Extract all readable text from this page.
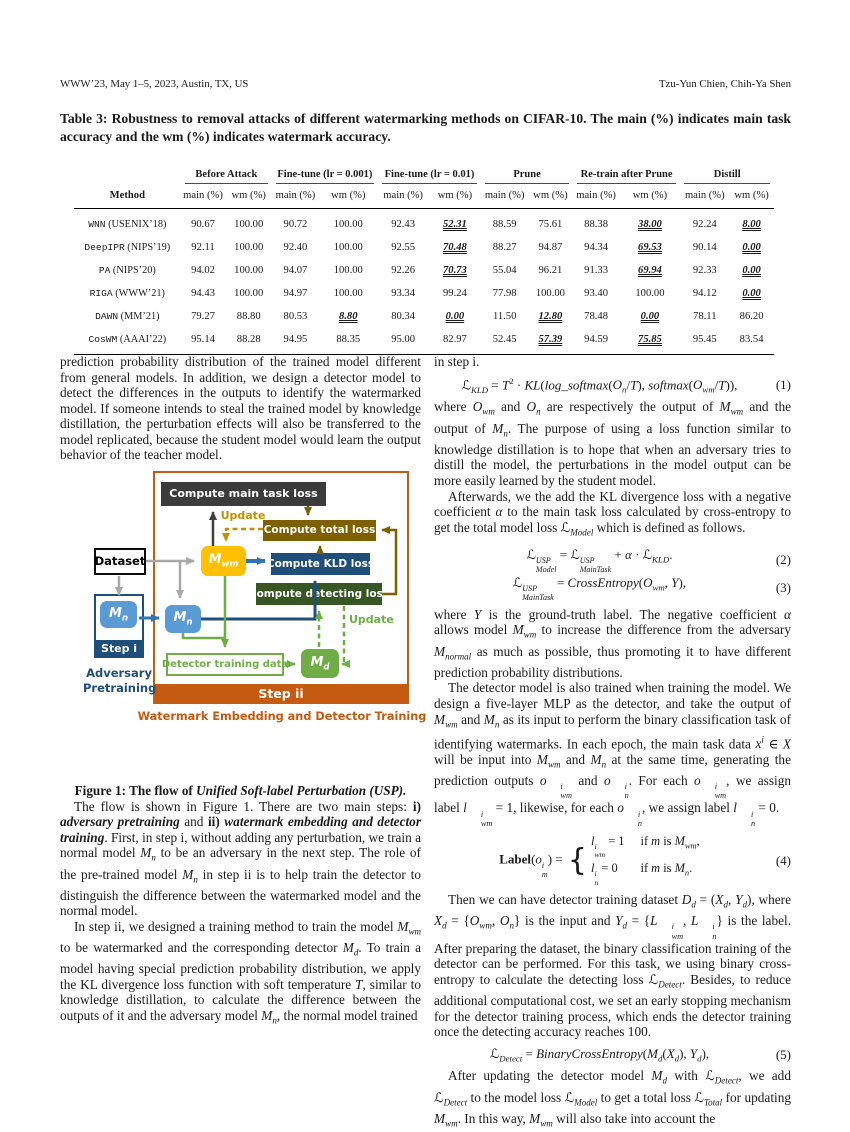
WWW’23, May 1–5, 2023, Austin, TX, US	Tzu-Yun Chien, Chih-Ya Shen
Table 3: Robustness to removal attacks of different watermarking methods on CIFAR-10. The main (%) indicates main task accuracy and the wm (%) indicates watermark accuracy.

	Before Attack		Fine-tune (lr = 0.001)		Fine-tune (lr = 0.01)		Prune		Re-train after Prune		Distill	

Method	main (%)	wm (%)	main (%)	wm (%)	main (%)	wm (%)	main (%)	wm (%)	main (%)	wm (%)	main (%)	wm (%)
WNN (USENIX’18)	90.67	100.00	90.72	100.00	92.43	52.31	88.59	75.61	88.38	38.00	92.24	8.00
DeepIPR (NIPS’19)	92.11	100.00	92.40	100.00	92.55	70.48	88.27	94.87	94.34	69.53	90.14	0.00
PA (NIPS’20)	94.02	100.00	94.07	100.00	92.26	70.73	55.04	96.21	91.33	69.94	92.33	0.00
RIGA (WWW’21)	94.43	100.00	94.97	100.00	93.34	99.24	77.98	100.00	93.40	100.00	94.12	0.00
DAWN (MM’21)	79.27	88.80	80.53	8.80	80.34	0.00	11.50	12.80	78.48	0.00	78.11	86.20
CosWM (AAAI’22)	95.14	88.28	94.95	88.35	95.00	82.97	52.45	57.39	94.59	75.85	95.45	83.54

prediction probability distribution of the trained model different from general models. In addition, we design a detector model to detect the differences in the outputs to identify the watermarked model. If someone intends to steal the trained model by knowledge distillation, the perturbation effects will also be transferred to the model replicated, because the student model would learn the output behavior of the teacher model.

Step ii
Compute main task loss
Compute total loss
Dataset	$M_{wm}$	Compute KLD loss
Compute detecting loss
$M_n$
Step i
$M_n$
Detector training data $M_d$
Update
Update
Adversary
Pretraining
Watermark Embedding and Detector Training
Figure 1: The flow of Unified Soft-label Perturbation (USP).

The flow is shown in Figure 1. There are two main steps: i) adversary pretraining and ii) watermark embedding and detector training. First, in step i, without adding any perturbation, we train a normal model $M_n$ to be an adversary in the next step. The role of the pre-trained model $M_n$ in step ii is to help train the detector to distinguish the difference between the watermarked model and the normal model.

In step ii, we designed a training method to train the model $M_{wm}$ to be watermarked and the corresponding detector $M_d$. To train a model having special prediction probability distribution, we apply the KL divergence loss function with soft temperature T, similar to knowledge distillation, to calculate the difference between the outputs of it and the adversary model $M_n$, the normal model trained

in step i.

ℒ$_{KLD}$ = $T^2$ · $KL(\log\_softmax(O_n/T)$, $softmax(O_{wm}/T)$),	(1)

where $O_{wm}$ and $O_n$ are respectively the output of $M_{wm}$ and the output of $M_n$. The purpose of using a loss function similar to knowledge distillation is to hope that when an adversary tries to distill the model, the perturbations in the model output can be more easily learned by the student model.

Afterwards, we the add the KL divergence loss with a negative coefficient α to the main task loss calculated by cross-entropy to get the total model loss ℒ$_{Model}$ which is defined as follows.

ℒ USP
Model
= ℒ USP
MainTask
+ α · ℒ$_{KLD}$.	(2)
ℒ USP
MainTask
= $CrossEntropy(O_{wm}$, Y),	(3)

where Y is the ground-truth label. The negative coefficient α allows model $M_{wm}$ to increase the difference from the adversary $M_{normal}$ as much as possible, thus promoting it to have different prediction probability distributions.

The detector model is also trained when training the model. We design a five-layer MLP as the detector, and take the output of $M_{wm}$ and $M_n$ as its input to perform the binary classification task of identifying watermarks. In each epoch, the main task data $x^i$ ∈ X will be input into $M_{wm}$ and $M_n$ at the same time, generating the prediction outputs o	i
wm
and o	i
n
. For each o	i
wm
, we assign label l	i
wm
= 1, likewise, for each o	i
n
, we assign label l	i
n
= 0.

Label(o i
m
) = {
l i
wm
= 1 if m is $M_{wm}$,
l i
n
= 0	if m is $M_n$.
(4)

Then we can have detector training dataset $D_d = (X_d$, $Y_d$), where $X_d = \{O_{wm}$, $O_n$} is the input and $Y_d = \{L$	i
wm
, L	i
n
} is the label. After preparing the dataset, the binary classification training of the detector can be performed. For this task, we using binary cross-entropy to calculate the detecting loss ℒ$_{Detect}$. Besides, to reduce additional computational cost, we set an early stopping mechanism for the detector training process, which ends the detector training once the detecting accuracy reaches 100.

ℒ$_{Detect}$ = $BinaryCrossEntropy(M_d(X_d)$, $Y_d$),	(5)

After updating the detector model $M_d$ with ℒ$_{Detect}$, we add ℒ$_{Detect}$ to the model loss ℒ$_{Model}$ to get a total loss ℒ$_{Total}$ for updating $M_{wm}$. In this way, $M_{wm}$ will also take into account the
